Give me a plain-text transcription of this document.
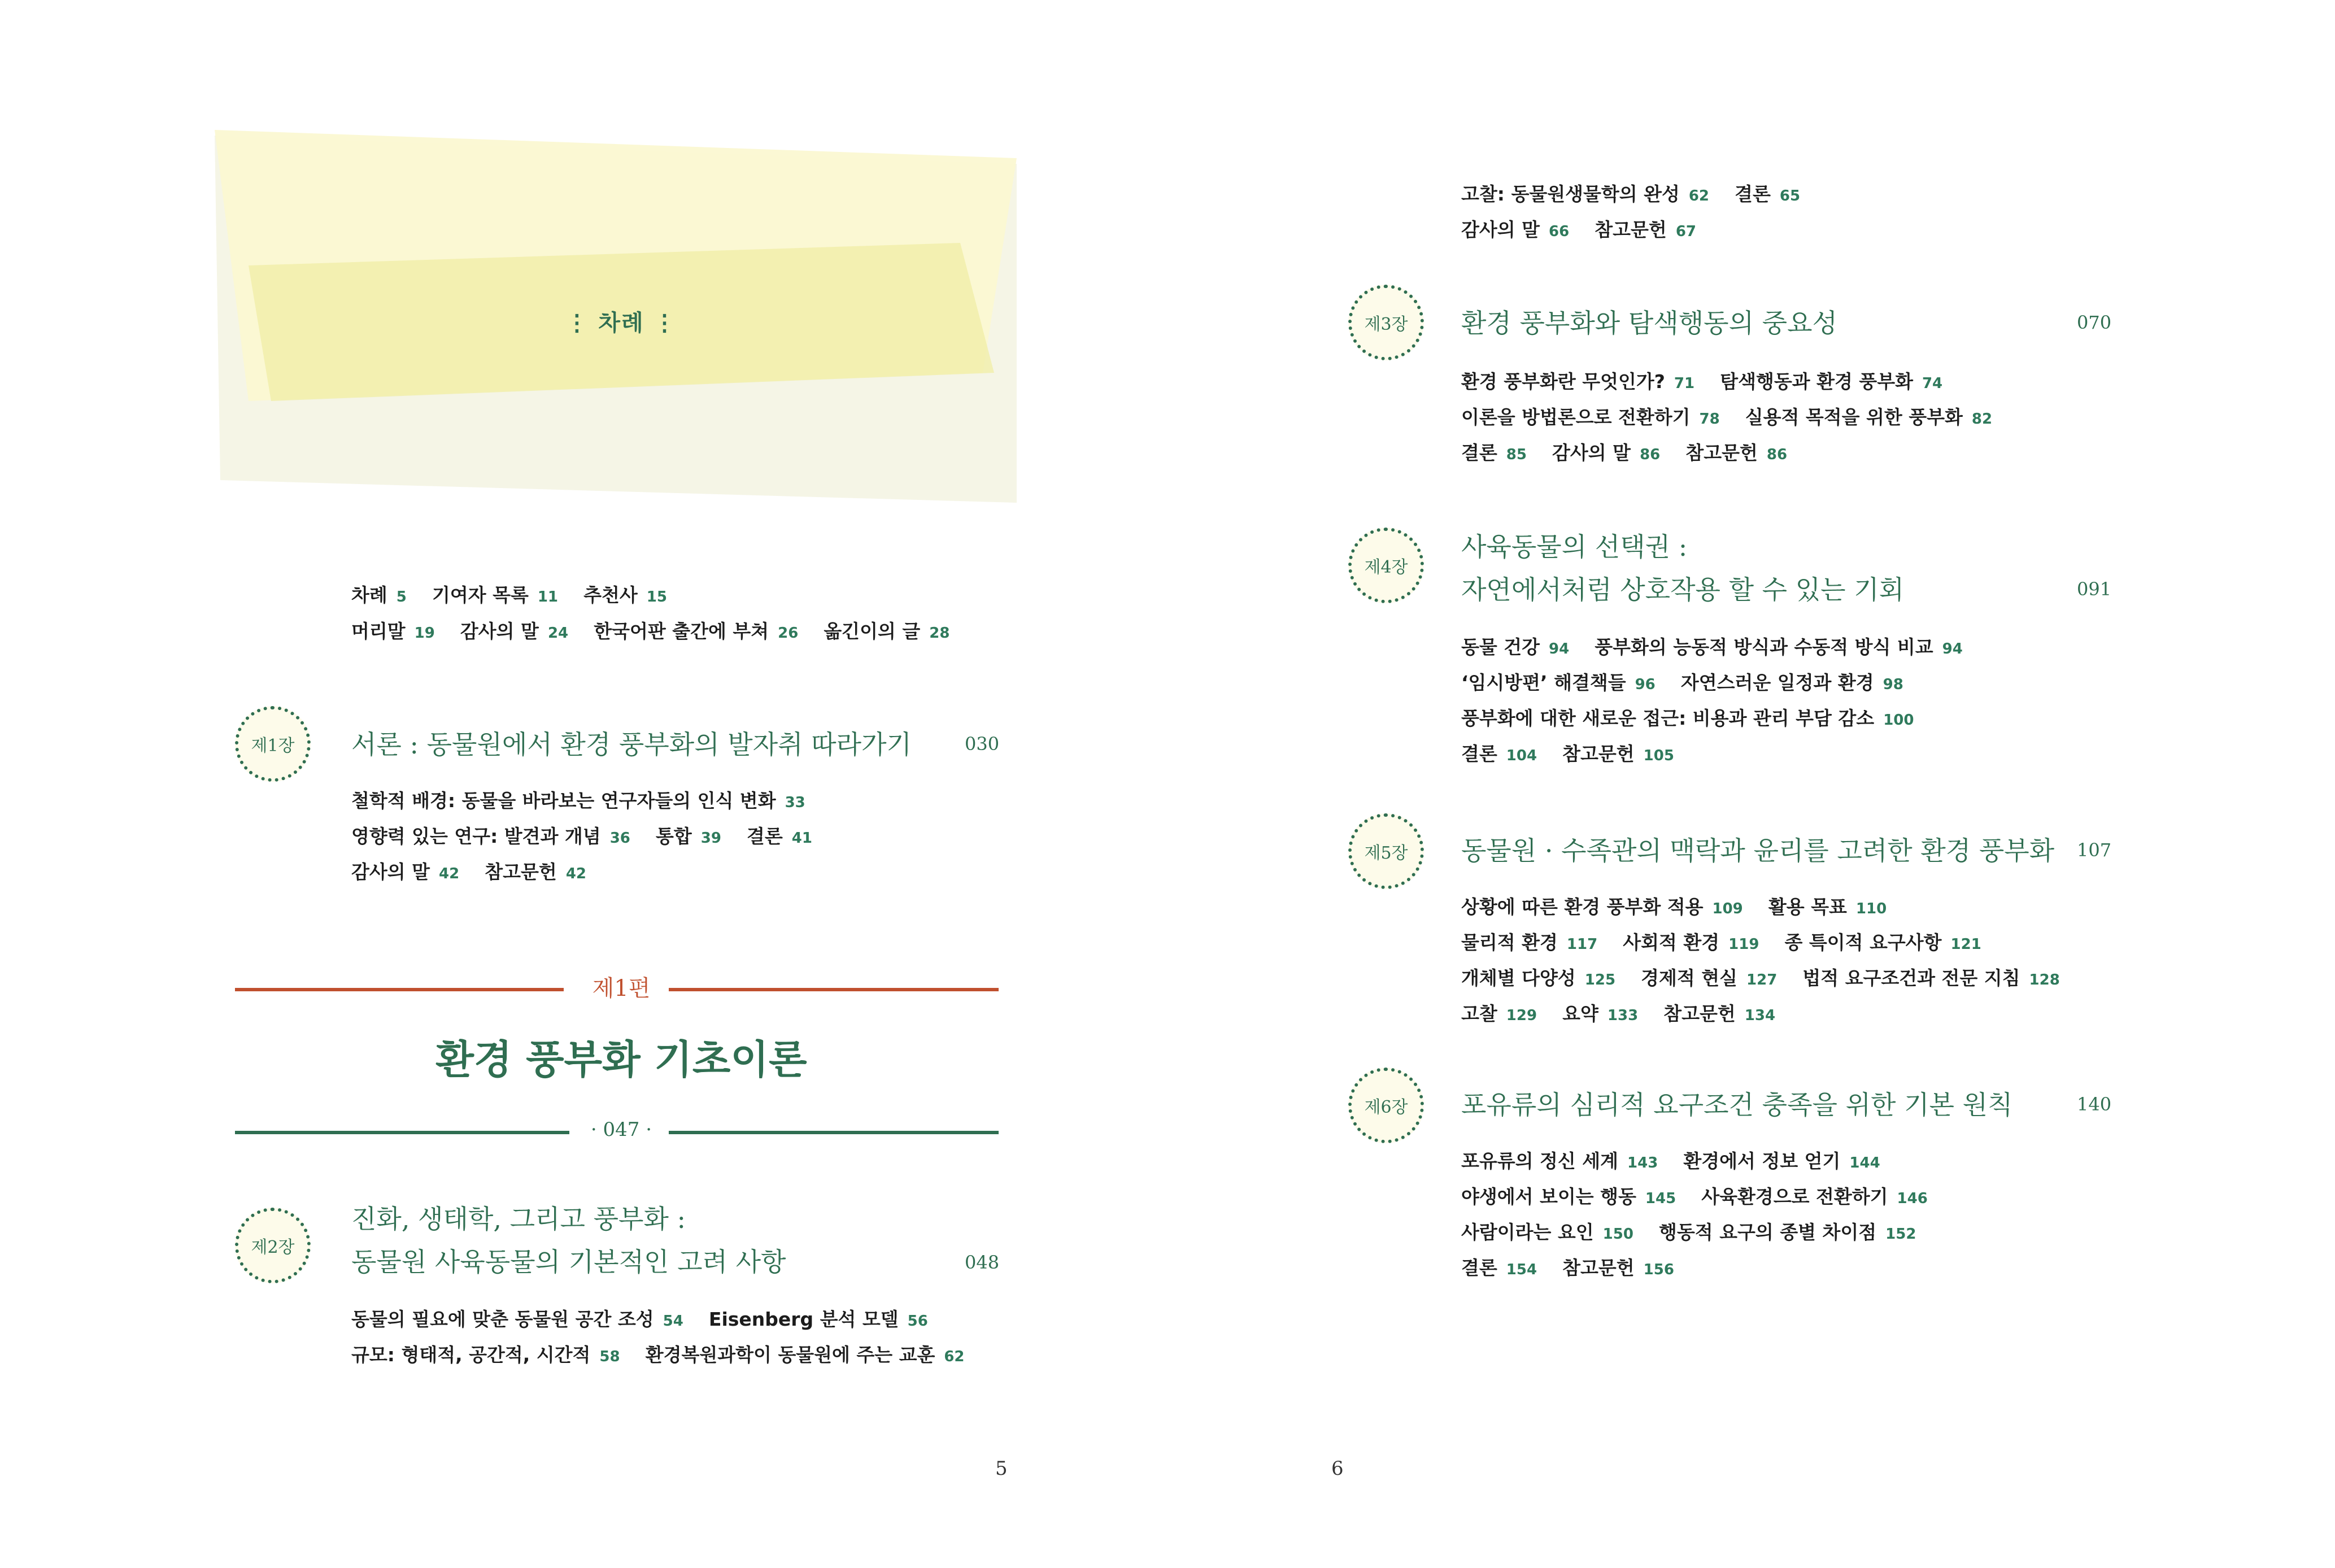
⋮ 차례 ⋮
차례 5 기여자 목록 11 추천사 15
머리말 19 감사의 말 24 한국어판 출간에 부쳐 26 옮긴이의 글 28
제1장	서론 : 동물원에서 환경 풍부화의 발자취 따라가기	030
철학적 배경: 동물을 바라보는 연구자들의 인식 변화 33
영향력 있는 연구: 발견과 개념 36 통합 39 결론 41
감사의 말 42 참고문헌 42
제1편
환경 풍부화 기초이론
· 047 ·
제2장
진화, 생태학, 그리고 풍부화 :
동물원 사육동물의 기본적인 고려 사항	048
동물의 필요에 맞춘 동물원 공간 조성 54 Eisenberg 분석 모델 56
규모: 형태적, 공간적, 시간적 58 환경복원과학이 동물원에 주는 교훈 62
5
고찰: 동물원생물학의 완성 62 결론 65
감사의 말 66 참고문헌 67
제3장	환경 풍부화와 탐색행동의 중요성	070
환경 풍부화란 무엇인가? 71 탐색행동과 환경 풍부화 74
이론을 방법론으로 전환하기 78 실용적 목적을 위한 풍부화 82
결론 85 감사의 말 86 참고문헌 86
제4장
사육동물의 선택권 :
자연에서처럼 상호작용 할 수 있는 기회	091
동물 건강 94 풍부화의 능동적 방식과 수동적 방식 비교 94
‘임시방편’ 해결책들 96 자연스러운 일정과 환경 98
풍부화에 대한 새로운 접근: 비용과 관리 부담 감소 100
결론 104 참고문헌 105
제5장	동물원 · 수족관의 맥락과 윤리를 고려한 환경 풍부화 107
상황에 따른 환경 풍부화 적용 109 활용 목표 110
물리적 환경 117 사회적 환경 119 종 특이적 요구사항 121
개체별 다양성 125 경제적 현실 127 법적 요구조건과 전문 지침 128
고찰 129 요약 133 참고문헌 134
제6장	포유류의 심리적 요구조건 충족을 위한 기본 원칙	140
포유류의 정신 세계 143 환경에서 정보 얻기 144
야생에서 보이는 행동 145 사육환경으로 전환하기 146
사람이라는 요인 150 행동적 요구의 종별 차이점 152
결론 154 참고문헌 156
6
